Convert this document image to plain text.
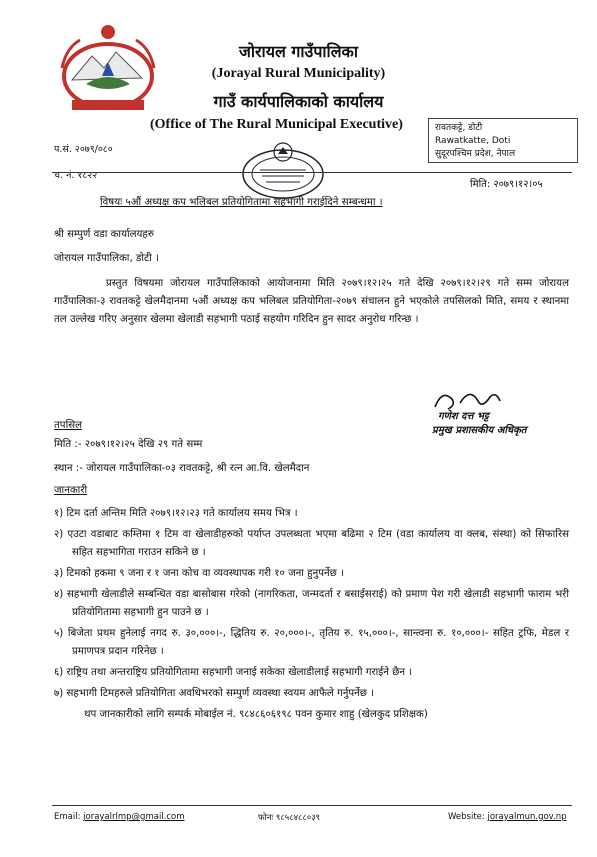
जोरायल गाउँपालिका
(Jorayal Rural Municipality)
गाउँ कार्यपालिकाको कार्यालय
(Office of The Rural Municipal Executive)	रावतकट्टे, डोटी
Rawatkatte, Doti
सुदूरपश्चिम प्रदेश, नेपाल
प.सं. २०७९/०८०
च. नं. १८२२
मिति: २०७९।१२।०५
विषयः ५औं अध्यक्ष कप भलिबल प्रतियोगितामा सहभागी गराईदिने सम्बन्धमा ।
श्री सम्पुर्ण वडा कार्यालयहरु
जोरायल गाउँपालिका, डोटी ।
प्रस्तुत विषयमा जोरायल गाउँपालिकाको आयोजनामा मिति २०७९।१२।२५ गते देखि २०७९।१२।२९ गते सम्म जोरायल गाउँपालिका-३ रावतकट्टे खेलमैदानमा ५औं अध्यक्ष कप भलिबल प्रतियोगिता-२०७९ संचालन हुने भएकोले तपसिलको मिति, समय र स्थानमा तल उल्लेख गरिए अनुसार खेलमा खेलाडी सहभागी पठाई सहयोग गरिदिन हुन सादर अनुरोध गरिन्छ ।
गणेश दत्त भट्ट
प्रमुख प्रशासकीय अधिकृत
तपसिल
मिति :- २०७९।१२।२५ देखि २९ गते सम्म
स्थान :- जोरायल गाउँपालिका-०३ रावतकट्टे, श्री रत्न आ.वि. खेलमैदान
जानकारी
१) टिम दर्ता अन्तिम मिति २०७९।१२।२३ गते कार्यालय समय भित्र ।
२) एउटा वडाबाट कम्तिमा १ टिम वा खेलाडीहरुको पर्याप्त उपलब्धता भएमा बढिमा २ टिम (वडा कार्यालय वा क्लब, संस्था) को सिफारिस सहित सहभागिता गराउन सकिने छ ।
३) टिमको हकमा ९ जना र १ जना कोच वा व्यवस्थापक गरी १० जना हुनुपर्नेछ ।
४) सहभागी खेलाडीले सम्बन्धित वडा बासोबास गरेको (नागरिकता, जन्मदर्ता र बसाईसराई) को प्रमाण पेश गरी खेलाडी सहभागी फाराम भरी प्रतियोगितामा सहभागी हुन पाउने छ ।
५) बिजेता प्रथम हुनेलाई नगद रु. ३०,०००।-, द्धितिय रु. २०,०००।-, तृतिय रु. १५,०००।-, सान्त्वना रु. १०,०००।- सहित ट्रफि, मेडल र प्रमाणपत्र प्रदान गरिनेछ ।
६) राष्ट्रिय तथा अन्तराष्ट्रिय प्रतियोगितामा सहभागी जनाई सकेका खेलाडीलाई सहभागी गराईने छैन ।
७) सहभागी टिमहरुले प्रतियोगिता अवधिभरको सम्पुर्ण व्यवस्था स्वयम आफैले गर्नुपर्नेछ ।
थप जानकारीको लागि सम्पर्क मोबाईल नं. ९८४८६०६१९८ पवन कुमार शाहु (खेलकुद प्रशिक्षक)
Email: jorayalrlmp@gmail.com	फोनः ९८५८४८८०३९	Website: jorayalmun.gov.np
